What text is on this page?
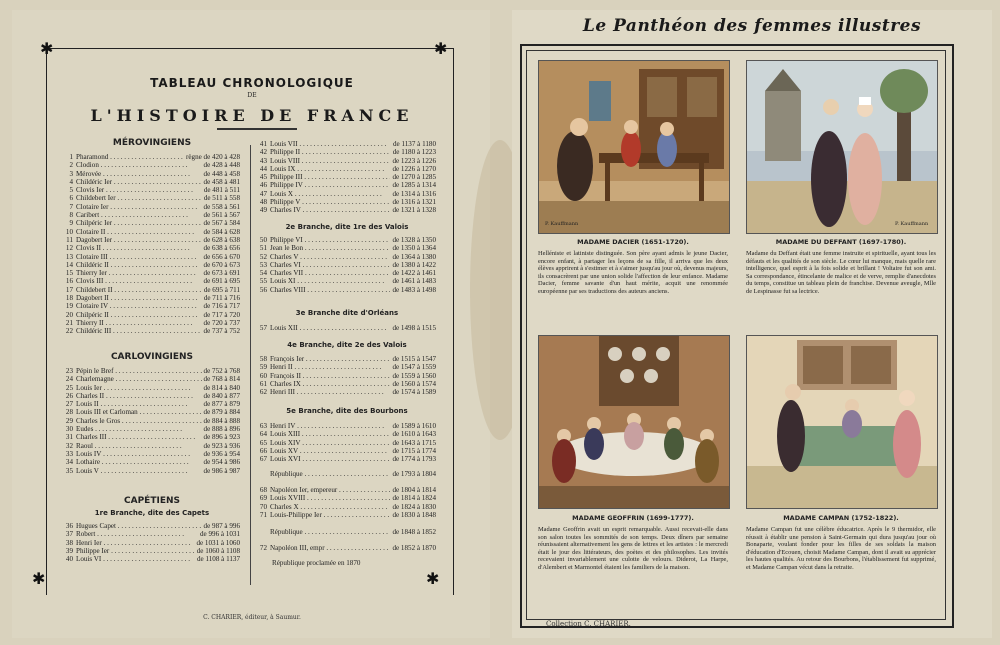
✱	✱
✱	✱
TABLEAU CHRONOLOGIQUE
DE
L'HISTOIRE DE FRANCE
MÉROVINGIENS
1 Pharamond . . .	règne de 420 à 428
2 Clodion . . .	de 428 à 448
3 Mérovée . . .	de 448 à 458
4 Childéric Ier . . .	de 458 à 481
5 Clovis Ier . . .	de 481 à 511
6 Childebert Ier . . .	de 511 à 558
7 Clotaire Ier . . .	de 558 à 561
8 Caribert . . .	de 561 à 567
9 Chilpéric Ier . . .	de 567 à 584
10 Clotaire II . . .	de 584 à 628
11 Dagobert Ier . . .	de 628 à 638
12 Clovis II . . .	de 638 à 656
13 Clotaire III . . .	de 656 à 670
14 Childéric II . . .	de 670 à 673
15 Thierry Ier . . .	de 673 à 691
16 Clovis III . . .	de 691 à 695
17 Childebert II . . .	de 695 à 711
18 Dagobert II . . .	de 711 à 716
19 Clotaire IV . . .	de 716 à 717
20 Chilpéric II . . .	de 717 à 720
21 Thierry II . . .	de 720 à 737
22 Childéric III . . .	de 737 à 752
CARLOVINGIENS
23 Pépin le Bref . . .	de 752 à 768
24 Charlemagne . . .	de 768 à 814
25 Louis Ier . . .	de 814 à 840
26 Charles II . . .	de 840 à 877
27 Louis II . . .	de 877 à 879
28 Louis III et Carloman . . .	de 879 à 884
29 Charles le Gros . . .	de 884 à 888
30 Eudes . . .	de 888 à 896
31 Charles III . . .	de 896 à 923
32 Raoul . . .	de 923 à 936
33 Louis IV . . .	de 936 à 954
34 Lothaire . . .	de 954 à 986
35 Louis V . . .	de 986 à 987
CAPÉTIENS
1re Branche, dite des Capets
36 Hugues Capet . . .	de 987 à 996
37 Robert . . .	de 996 à 1031
38 Henri Ier . . .	de 1031 à 1060
39 Philippe Ier . . .	de 1060 à 1108
40 Louis VI . . .	de 1108 à 1137
41 Louis VII . . .	de 1137 à 1180
42 Philippe II . . .	de 1180 à 1223
43 Louis VIII . . .	de 1223 à 1226
44 Louis IX . . .	de 1226 à 1270
45 Philippe III . . .	de 1270 à 1285
46 Philippe IV . . .	de 1285 à 1314
47 Louis X . . .	de 1314 à 1316
48 Philippe V . . .	de 1316 à 1321
49 Charles IV . . .	de 1321 à 1328
2e Branche, dite 1re des Valois
50 Philippe VI . . .	de 1328 à 1350
51 Jean le Bon . . .	de 1350 à 1364
52 Charles V . . .	de 1364 à 1380
53 Charles VI . . .	de 1380 à 1422
54 Charles VII . . .	de 1422 à 1461
55 Louis XI . . .	de 1461 à 1483
56 Charles VIII . . .	de 1483 à 1498
3e Branche dite d'Orléans
57 Louis XII . . .	de 1498 à 1515
4e Branche, dite 2e des Valois
58 François Ier . . .	de 1515 à 1547
59 Henri II . . .	de 1547 à 1559
60 François II . . .	de 1559 à 1560
61 Charles IX . . .	de 1560 à 1574
62 Henri III . . .	de 1574 à 1589
5e Branche, dite des Bourbons
63 Henri IV . . .	de 1589 à 1610
64 Louis XIII . . .	de 1610 à 1643
65 Louis XIV . . .	de 1643 à 1715
66 Louis XV . . .	de 1715 à 1774
67 Louis XVI . . .	de 1774 à 1793
République . . .	de 1793 à 1804
68 Napoléon Ier, empereur . . .	de 1804 à 1814
69 Louis XVIII . . .	de 1814 à 1824
70 Charles X . . .	de 1824 à 1830
71 Louis-Philippe Ier . . .	de 1830 à 1848
République . . .	de 1848 à 1852
72 Napoléon III, empr . . .	de 1852 à 1870
République proclamée en 1870
C. CHARIER, éditeur, à Saumur.
Le Panthéon des femmes illustres
P. Kauffmann
MADAME DACIER (1651-1720).
Helléniste et latiniste distinguée. Son père ayant admis le jeune Dacier, encore enfant, à partager les leçons de sa fille, il arriva que les deux élèves apprirent à s'estimer et à s'aimer jusqu'au jour où, devenus majeurs, ils consacrèrent par une union solide l'affection de leur enfance. Madame Dacier, femme savante d'un haut mérite, acquit une renommée européenne par ses traductions des auteurs anciens.
P. Kauffmann
MADAME DU DEFFANT (1697-1780).
Madame du Deffant était une femme instruite et spirituelle, ayant tous les défauts et les qualités de son siècle. Le cœur lui manque, mais quelle rare intelligence, quel esprit à la fois solide et brillant ! Voltaire fut son ami. Sa correspondance, étincelante de malice et de verve, remplie d'anecdotes du temps, constitue un tableau plein de franchise. Devenue aveugle, Mlle de Lespinasse fut sa lectrice.
MADAME GEOFFRIN (1699-1777).
Madame Geoffrin avait un esprit remarquable. Aussi recevait-elle dans son salon toutes les sommités de son temps. Deux dîners par semaine réunissaient alternativement les gens de lettres et les artistes : le mercredi était le jour des littérateurs, des poètes et des philosophes. Les invités recevaient invariablement une culotte de velours. Diderot, La Harpe, d'Alembert et Marmontel étaient les familiers de la maison.
MADAME CAMPAN (1752-1822).
Madame Campan fut une célèbre éducatrice. Après le 9 thermidor, elle réussit à établir une pension à Saint-Germain qui dura jusqu'au jour où Bonaparte, voulant fonder pour les filles de ses soldats la maison d'éducation d'Ecouen, choisit Madame Campan, dont il avait su apprécier les hautes qualités. Au retour des Bourbons, l'établissement fut supprimé, et Madame Campan vécut dans la retraite.
Collection C. CHARIER.
